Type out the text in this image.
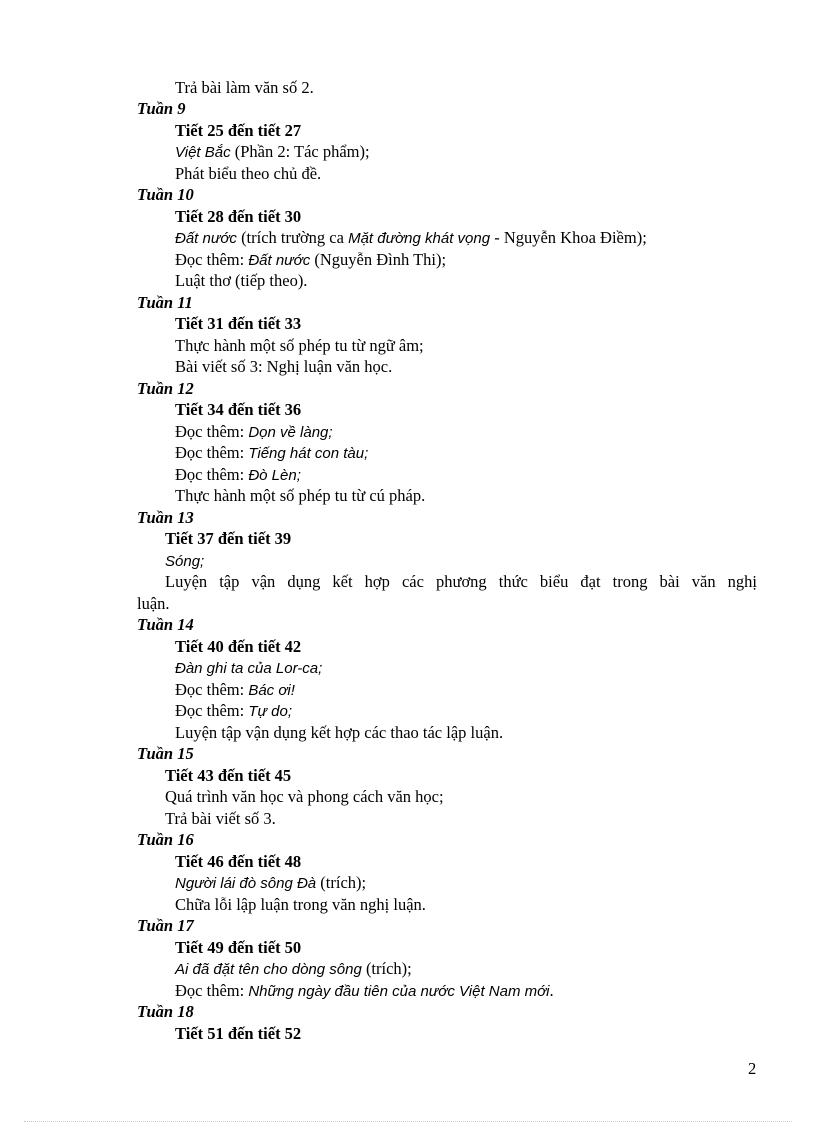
Trả bài làm văn số 2.
Tuần 9
Tiết 25 đến tiết 27
Việt Bắc (Phần 2: Tác phẩm);
Phát biểu theo chủ đề.
Tuần 10
Tiết 28 đến tiết 30
Đất nước (trích trường ca Mặt đường khát vọng - Nguyễn Khoa Điềm);
Đọc thêm: Đất nước (Nguyễn Đình Thi);
Luật thơ (tiếp theo).
Tuần 11
Tiết 31 đến tiết 33
Thực hành một số phép tu từ ngữ âm;
Bài viết số 3: Nghị luận văn học.
Tuần 12
Tiết 34 đến tiết 36
Đọc thêm: Dọn về làng;
Đọc thêm: Tiếng hát con tàu;
Đọc thêm: Đò Lèn;
Thực hành một số phép tu từ cú pháp.
Tuần 13
Tiết 37 đến tiết 39
Sóng;
Luyện tập vận dụng kết hợp các phương thức biểu đạt trong bài văn nghị
luận.
Tuần 14
Tiết 40 đến tiết 42
Đàn ghi ta của Lor-ca;
Đọc thêm: Bác ơi!
Đọc thêm: Tự do;
Luyện tập vận dụng kết hợp các thao tác lập luận.
Tuần 15
Tiết 43 đến tiết 45
Quá trình văn học và phong cách văn học;
Trả bài viết số 3.
Tuần 16
Tiết 46 đến tiết 48
Người lái đò sông Đà (trích);
Chữa lỗi lập luận trong văn nghị luận.
Tuần 17
Tiết 49 đến tiết 50
Ai đã đặt tên cho dòng sông (trích);
Đọc thêm: Những ngày đầu tiên của nước Việt Nam mới.
Tuần 18
Tiết 51 đến tiết 52
2
